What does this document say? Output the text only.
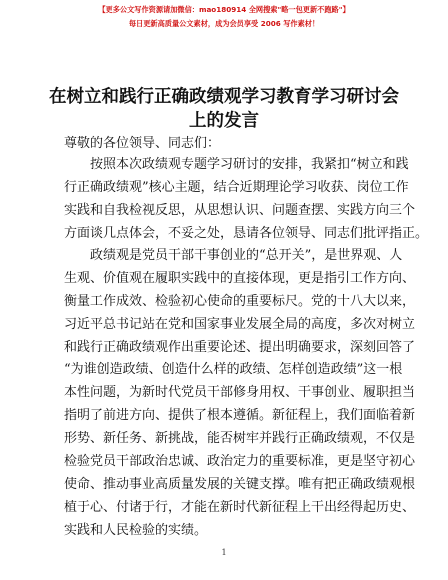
【更多公文写作资源请加微信：mao180914 全网搜索"略一包更新不跑路"】
每日更新高质量公文素材，成为会员享受 2006 写作素材！
在树立和践行正确政绩观学习教育学习研讨会
上的发言
尊敬的各位领导、同志们：
按照本次政绩观专题学习研讨的安排，我紧扣“树立和践
行正确政绩观”核心主题，结合近期理论学习收获、岗位工作
实践和自我检视反思，从思想认识、问题查摆、实践方向三个
方面谈几点体会，不妥之处，恳请各位领导、同志们批评指正。
政绩观是党员干部干事创业的“总开关”，是世界观、人
生观、价值观在履职实践中的直接体现，更是指引工作方向、
衡量工作成效、检验初心使命的重要标尺。党的十八大以来，
习近平总书记站在党和国家事业发展全局的高度，多次对树立
和践行正确政绩观作出重要论述、提出明确要求，深刻回答了
“为谁创造政绩、创造什么样的政绩、怎样创造政绩”这一根
本性问题，为新时代党员干部修身用权、干事创业、履职担当
指明了前进方向、提供了根本遵循。新征程上，我们面临着新
形势、新任务、新挑战，能否树牢并践行正确政绩观，不仅是
检验党员干部政治忠诚、政治定力的重要标准，更是坚守初心
使命、推动事业高质量发展的关键支撑。唯有把正确政绩观根
植于心、付诸于行，才能在新时代新征程上干出经得起历史、
实践和人民检验的实绩。
1
